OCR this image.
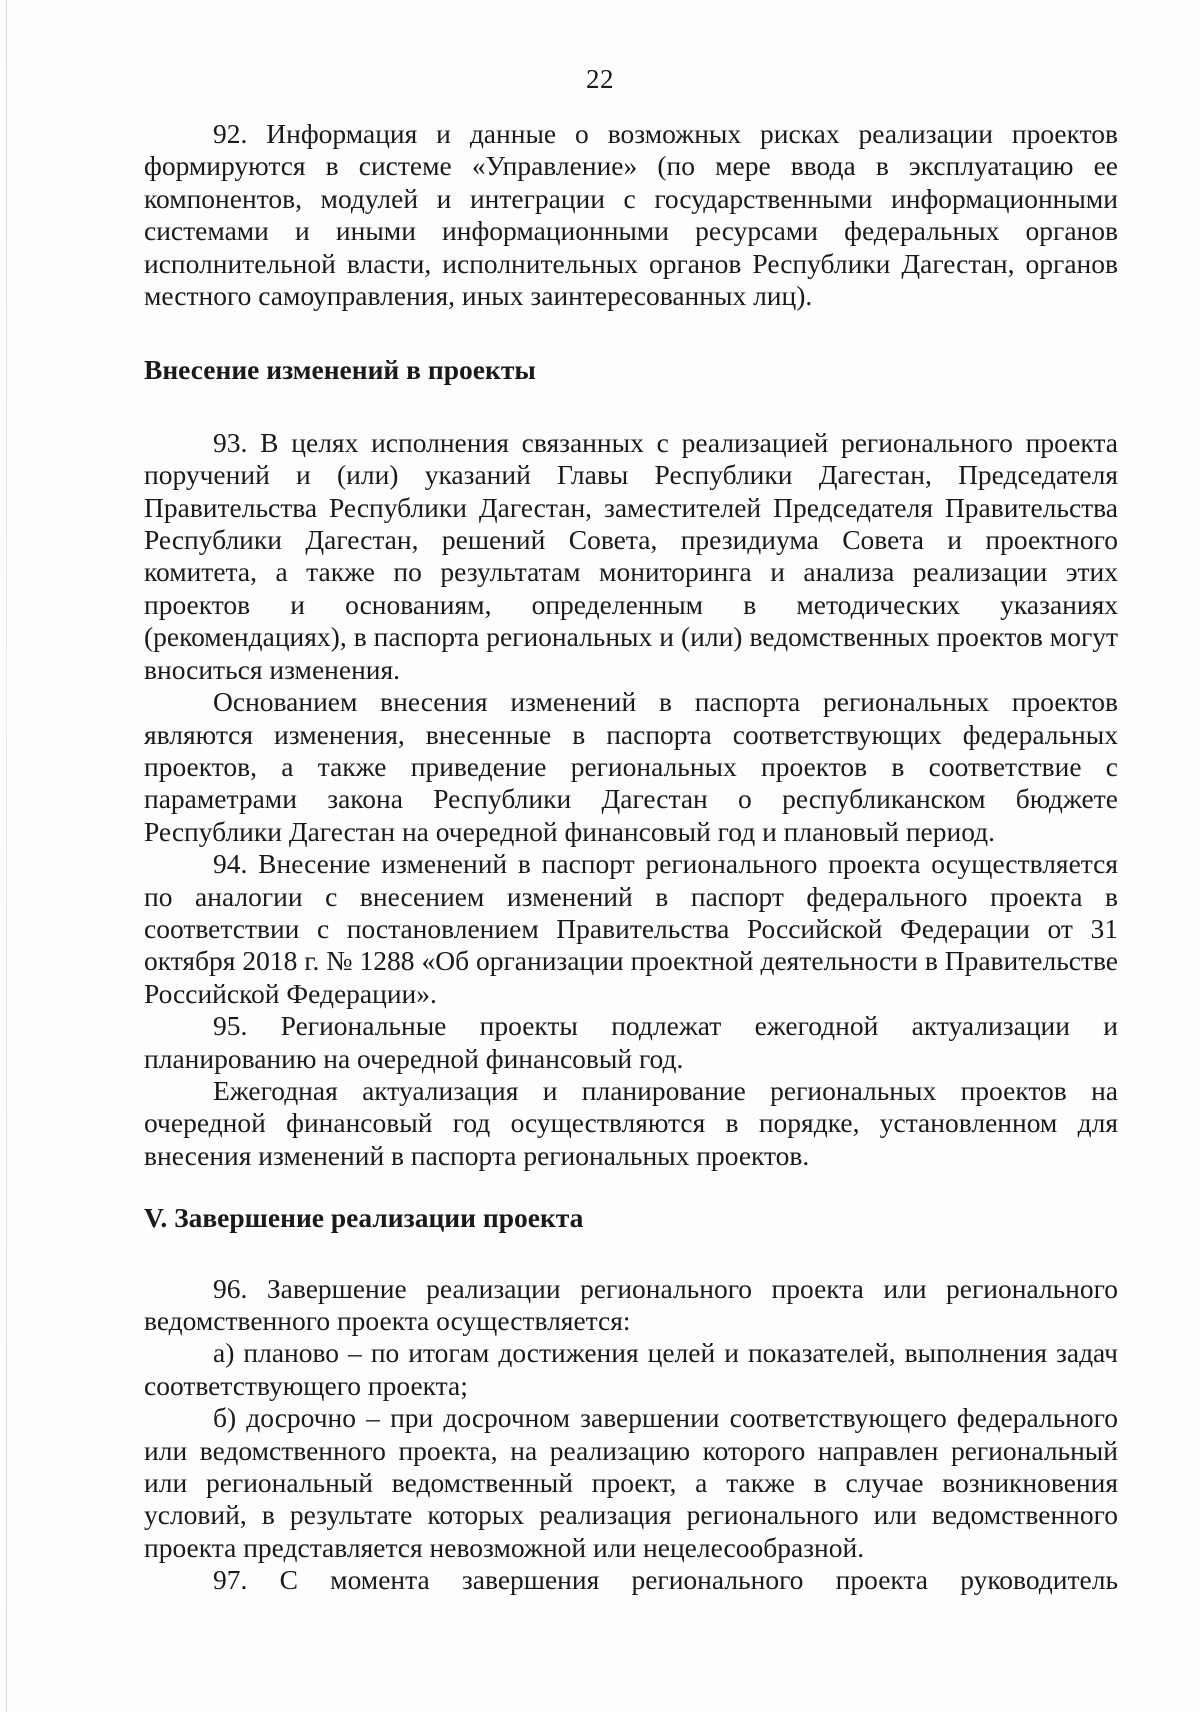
22

92. Информация и данные о возможных рисках реализации проектов формируются в системе «Управление» (по мере ввода в эксплуатацию ее компонентов, модулей и интеграции с государственными информационными системами и иными информационными ресурсами федеральных органов исполнительной власти, исполнительных органов Республики Дагестан, органов местного самоуправления, иных заинтересованных лиц).

Внесение изменений в проекты

93. В целях исполнения связанных с реализацией регионального проекта поручений и (или) указаний Главы Республики Дагестан, Председателя Правительства Республики Дагестан, заместителей Председателя Правительства Республики Дагестан, решений Совета, президиума Совета и проектного комитета, а также по результатам мониторинга и анализа реализации этих проектов и основаниям, определенным в методических указаниях (рекомендациях), в паспорта региональных и (или) ведомственных проектов могут вноситься изменения.

Основанием внесения изменений в паспорта региональных проектов являются изменения, внесенные в паспорта соответствующих федеральных проектов, а также приведение региональных проектов в соответствие с параметрами закона Республики Дагестан о республиканском бюджете Республики Дагестан на очередной финансовый год и плановый период.

94. Внесение изменений в паспорт регионального проекта осуществляется по аналогии с внесением изменений в паспорт федерального проекта в соответствии с постановлением Правительства Российской Федерации от 31 октября 2018 г. № 1288 «Об организации проектной деятельности в Правительстве Российской Федерации».

95. Региональные проекты подлежат ежегодной актуализации и планированию на очередной финансовый год.

Ежегодная актуализация и планирование региональных проектов на очередной финансовый год осуществляются в порядке, установленном для внесения изменений в паспорта региональных проектов.

V. Завершение реализации проекта

96. Завершение реализации регионального проекта или регионального ведомственного проекта осуществляется:

а) планово – по итогам достижения целей и показателей, выполнения задач соответствующего проекта;

б) досрочно – при досрочном завершении соответствующего федерального или ведомственного проекта, на реализацию которого направлен региональный или региональный ведомственный проект, а также в случае возникновения условий, в результате которых реализация регионального или ведомственного проекта представляется невозможной или нецелесообразной.

97. С момента завершения регионального проекта руководитель
